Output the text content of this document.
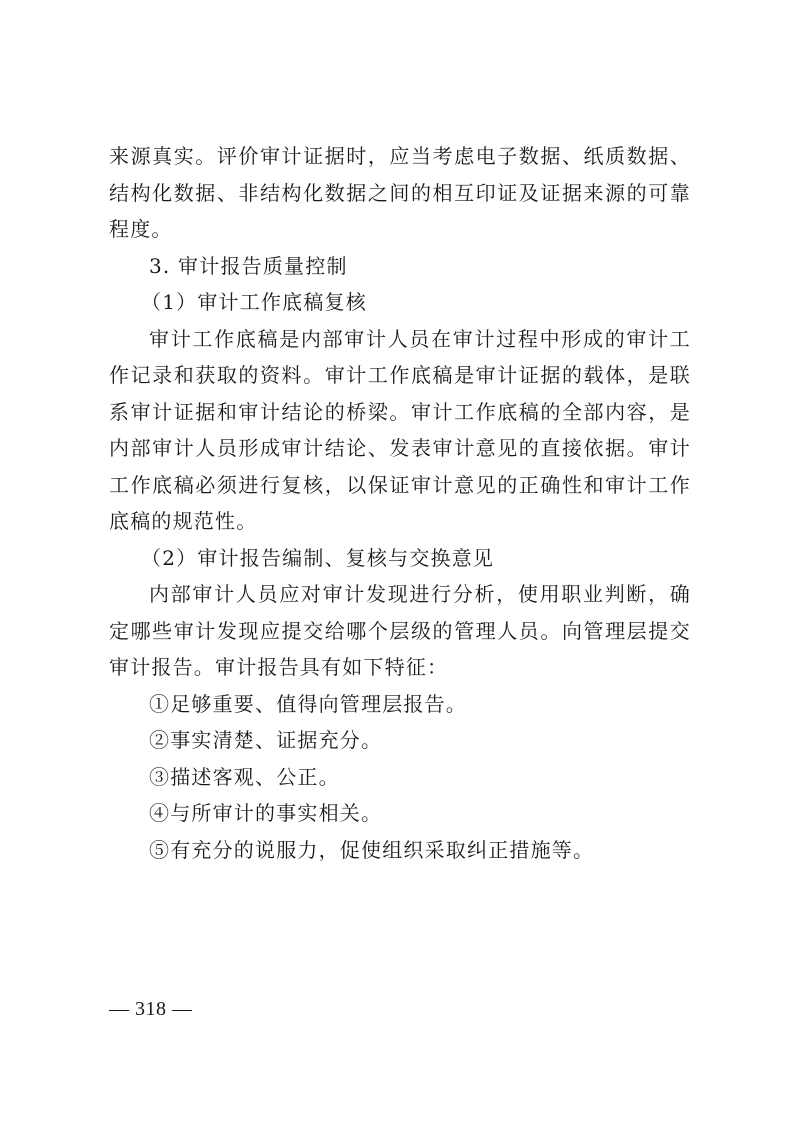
来源真实。评价审计证据时，应当考虑电子数据、纸质数据、结构化数据、非结构化数据之间的相互印证及证据来源的可靠程度。

3. 审计报告质量控制

（1）审计工作底稿复核

审计工作底稿是内部审计人员在审计过程中形成的审计工作记录和获取的资料。审计工作底稿是审计证据的载体，是联系审计证据和审计结论的桥梁。审计工作底稿的全部内容，是内部审计人员形成审计结论、发表审计意见的直接依据。审计工作底稿必须进行复核，以保证审计意见的正确性和审计工作底稿的规范性。

（2）审计报告编制、复核与交换意见

内部审计人员应对审计发现进行分析，使用职业判断，确定哪些审计发现应提交给哪个层级的管理人员。向管理层提交审计报告。审计报告具有如下特征：

①足够重要、值得向管理层报告。
②事实清楚、证据充分。
③描述客观、公正。
④与所审计的事实相关。
⑤有充分的说服力，促使组织采取纠正措施等。
— 318 —
